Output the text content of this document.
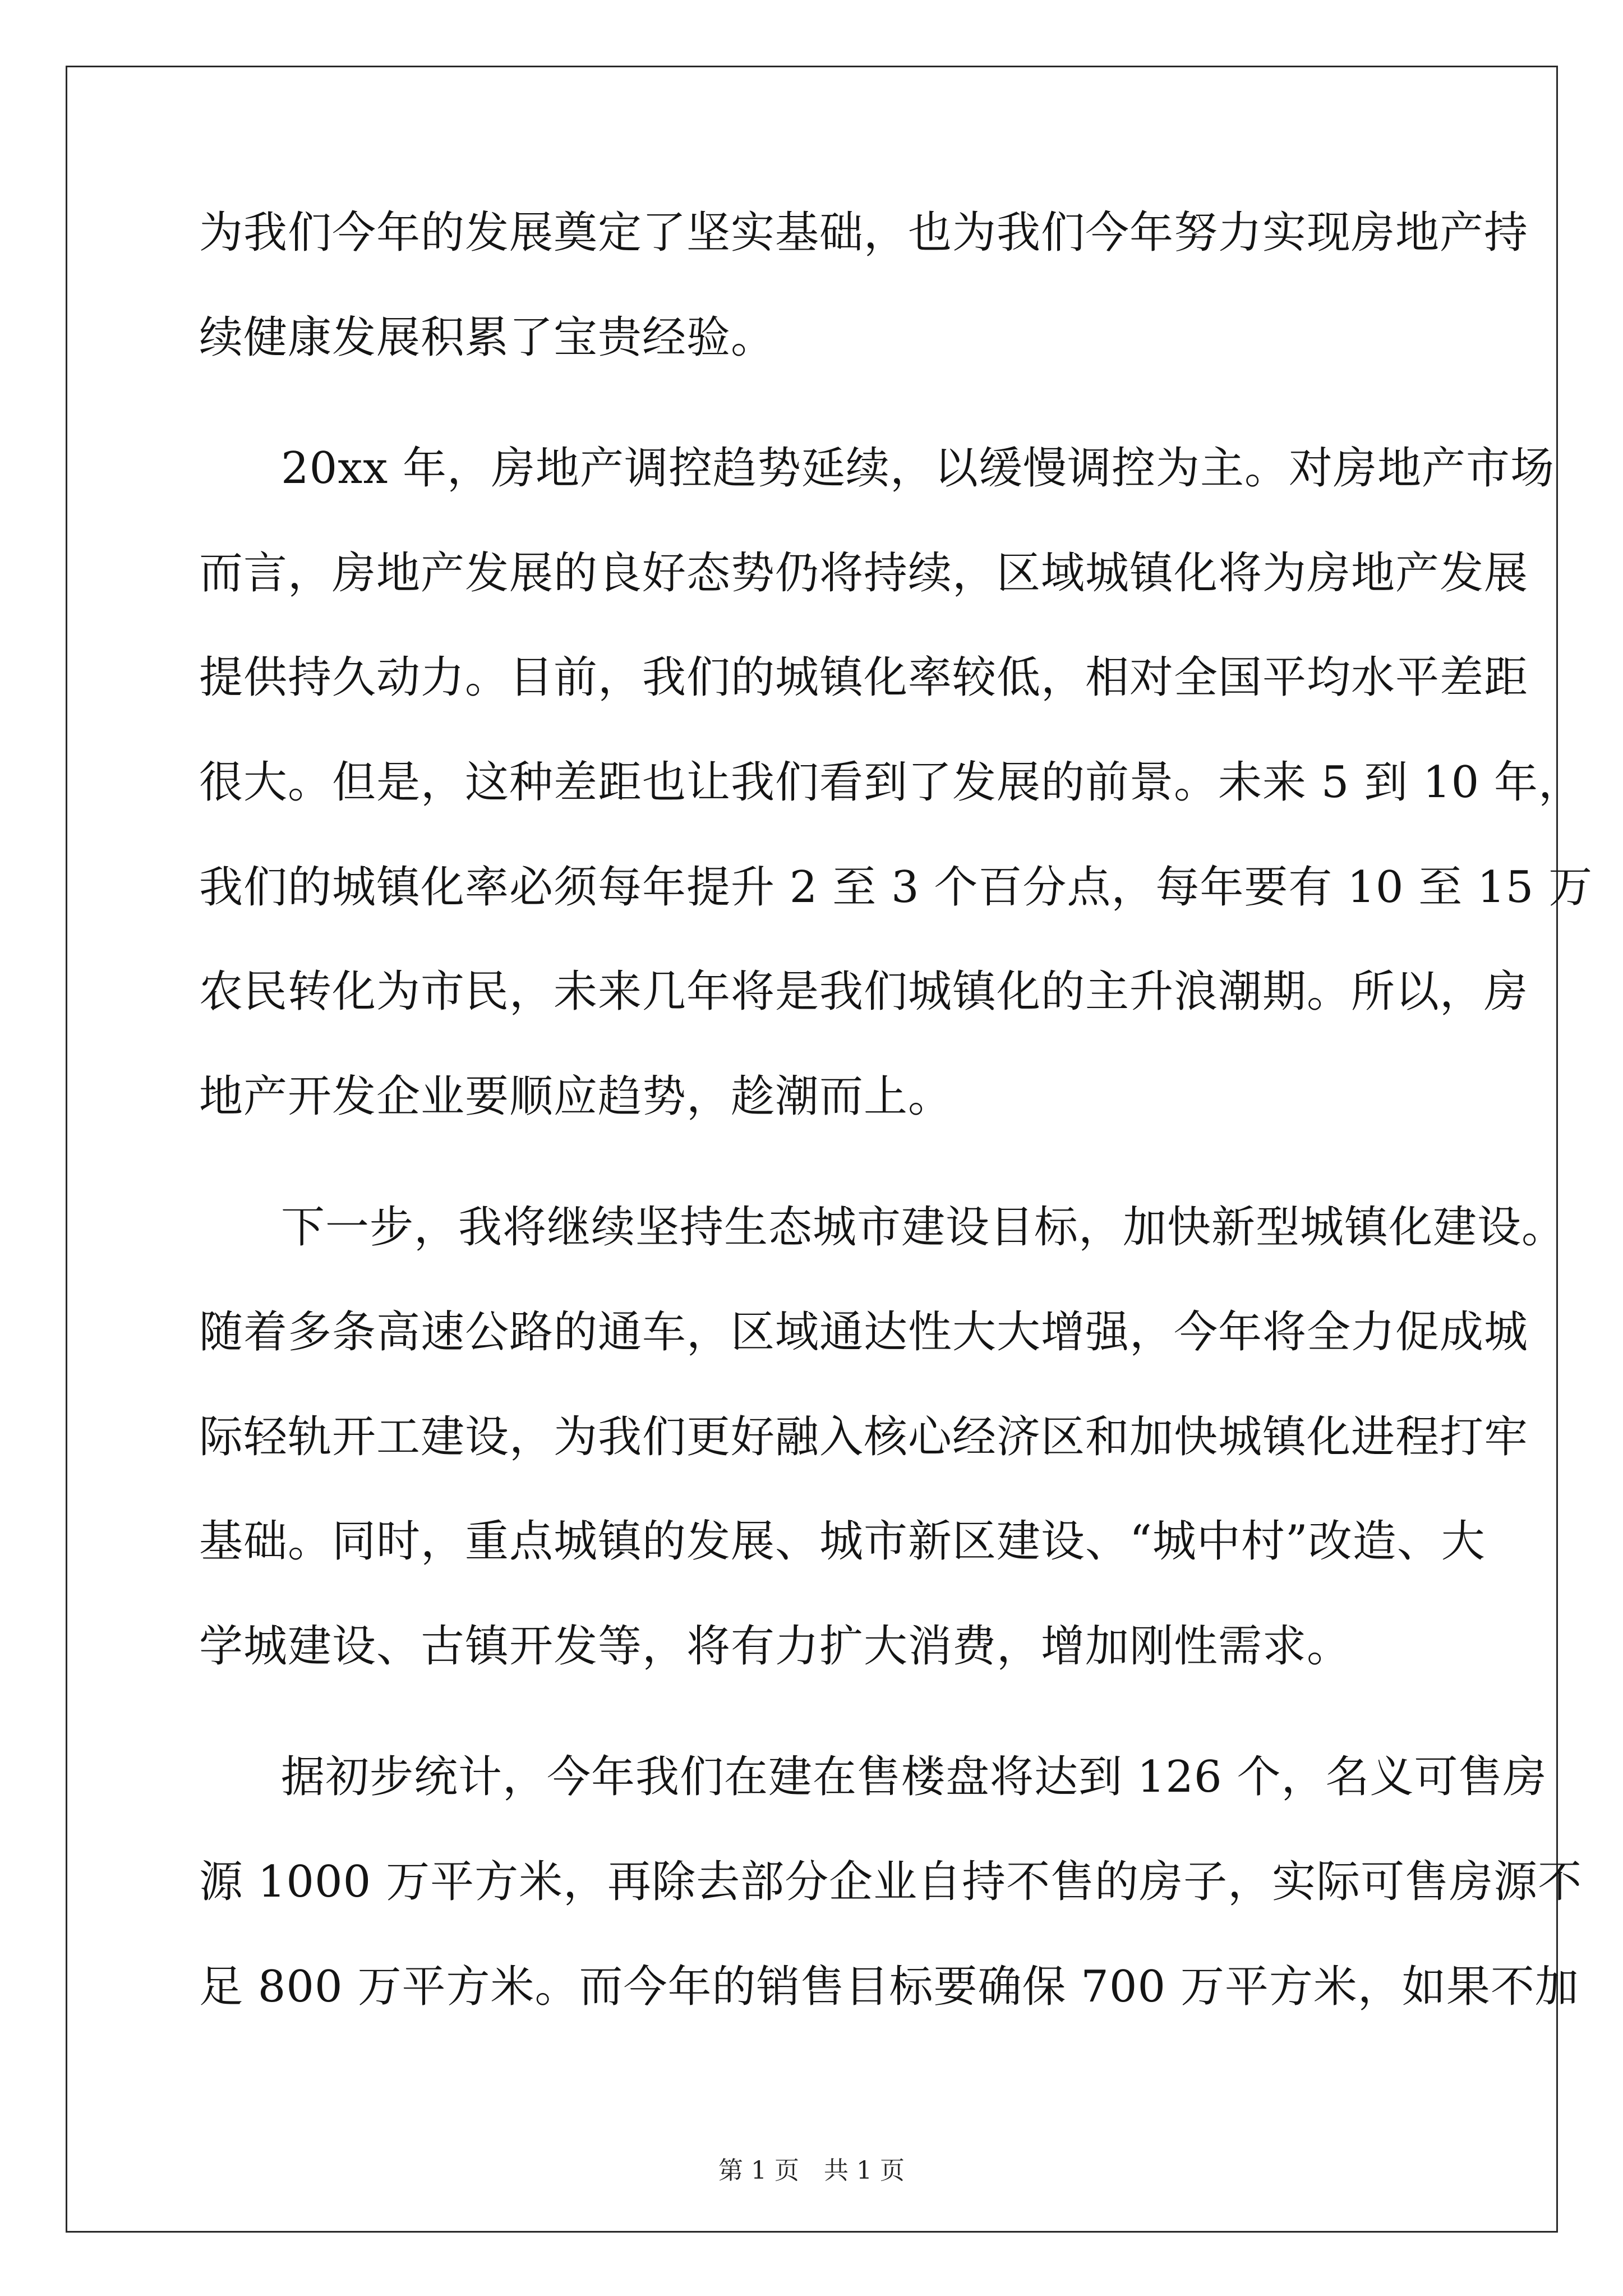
为我们今年的发展奠定了坚实基础，也为我们今年努力实现房地产持
续健康发展积累了宝贵经验。
20xx 年，房地产调控趋势延续，以缓慢调控为主。对房地产市场
而言，房地产发展的良好态势仍将持续，区域城镇化将为房地产发展
提供持久动力。目前，我们的城镇化率较低，相对全国平均水平差距
很大。但是，这种差距也让我们看到了发展的前景。未来 5 到 10 年，
我们的城镇化率必须每年提升 2 至 3 个百分点，每年要有 10 至 15 万
农民转化为市民，未来几年将是我们城镇化的主升浪潮期。所以，房
地产开发企业要顺应趋势，趁潮而上。
下一步，我将继续坚持生态城市建设目标，加快新型城镇化建设。
随着多条高速公路的通车，区域通达性大大增强，今年将全力促成城
际轻轨开工建设，为我们更好融入核心经济区和加快城镇化进程打牢
基础。同时，重点城镇的发展、城市新区建设、“城中村”改造、大
学城建设、古镇开发等，将有力扩大消费，增加刚性需求。
据初步统计，今年我们在建在售楼盘将达到 126 个，名义可售房
源 1000 万平方米，再除去部分企业自持不售的房子，实际可售房源不
足 800 万平方米。而今年的销售目标要确保 700 万平方米，如果不加
第 1 页　共 1 页
